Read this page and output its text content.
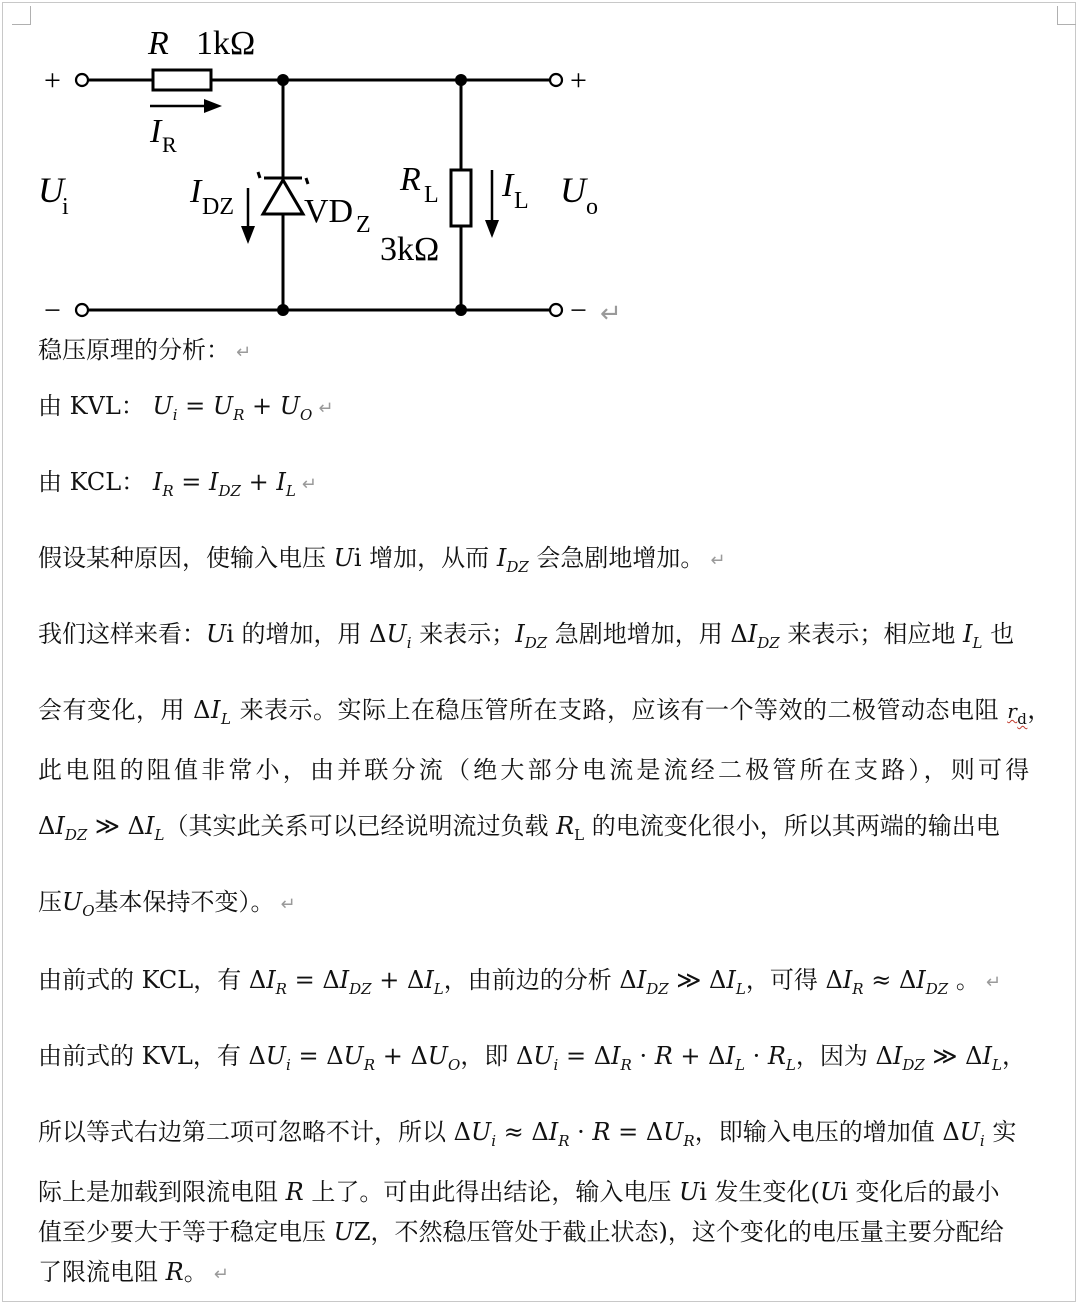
+
−
+
−
R 1kΩ
I R
U
i	I DZ VD Z
R L
3kΩ
I L U o
↵
稳压原理的分析： ↵
由 KVL： $U_i = U_R + U_O$ ↵
由 KCL： $I_R = I_{DZ} + I_L$ ↵
假设某种原因，使输入电压 Ui 增加，从而 $I_{DZ}$ 会急剧地增加。 ↵
我们这样来看：Ui 的增加，用 $\Delta U_i$ 来表示；$I_{DZ}$ 急剧地增加，用 $\Delta I_{DZ}$ 来表示；相应地 $I_L$ 也
会有变化，用 $\Delta I_L$ 来表示。实际上在稳压管所在支路，应该有一个等效的二极管动态电阻 $r_d$，
此电阻的阻值非常小，由并联分流（绝大部分电流是流经二极管所在支路），则可得
$\Delta I_{DZ}$ ≫ $\Delta I_L$（其实此关系可以已经说明流过负载 $R_L$ 的电流变化很小，所以其两端的输出电
压$U_O$基本保持不变）。 ↵
由前式的 KCL，有 $\Delta I_R = \Delta I_{DZ} + \Delta I_L$，由前边的分析 $\Delta I_{DZ}$ ≫ $\Delta I_L$，可得 $\Delta I_R \approx \Delta I_{DZ}$ 。 ↵
由前式的 KVL，有 $\Delta U_i = \Delta U_R + \Delta U_O$，即 $\Delta U_i = \Delta I_R \cdot R + \Delta I_L \cdot R_L$，因为 $\Delta I_{DZ}$ ≫ $\Delta I_L$，
所以等式右边第二项可忽略不计，所以 $\Delta U_i \approx \Delta I_R \cdot R = \Delta U_R$，即输入电压的增加值 $\Delta U_i$ 实
际上是加载到限流电阻 R 上了。可由此得出结论，输入电压 Ui 发生变化(Ui 变化后的最小
值至少要大于等于稳定电压 UZ，不然稳压管处于截止状态)，这个变化的电压量主要分配给
了限流电阻 R。 ↵
